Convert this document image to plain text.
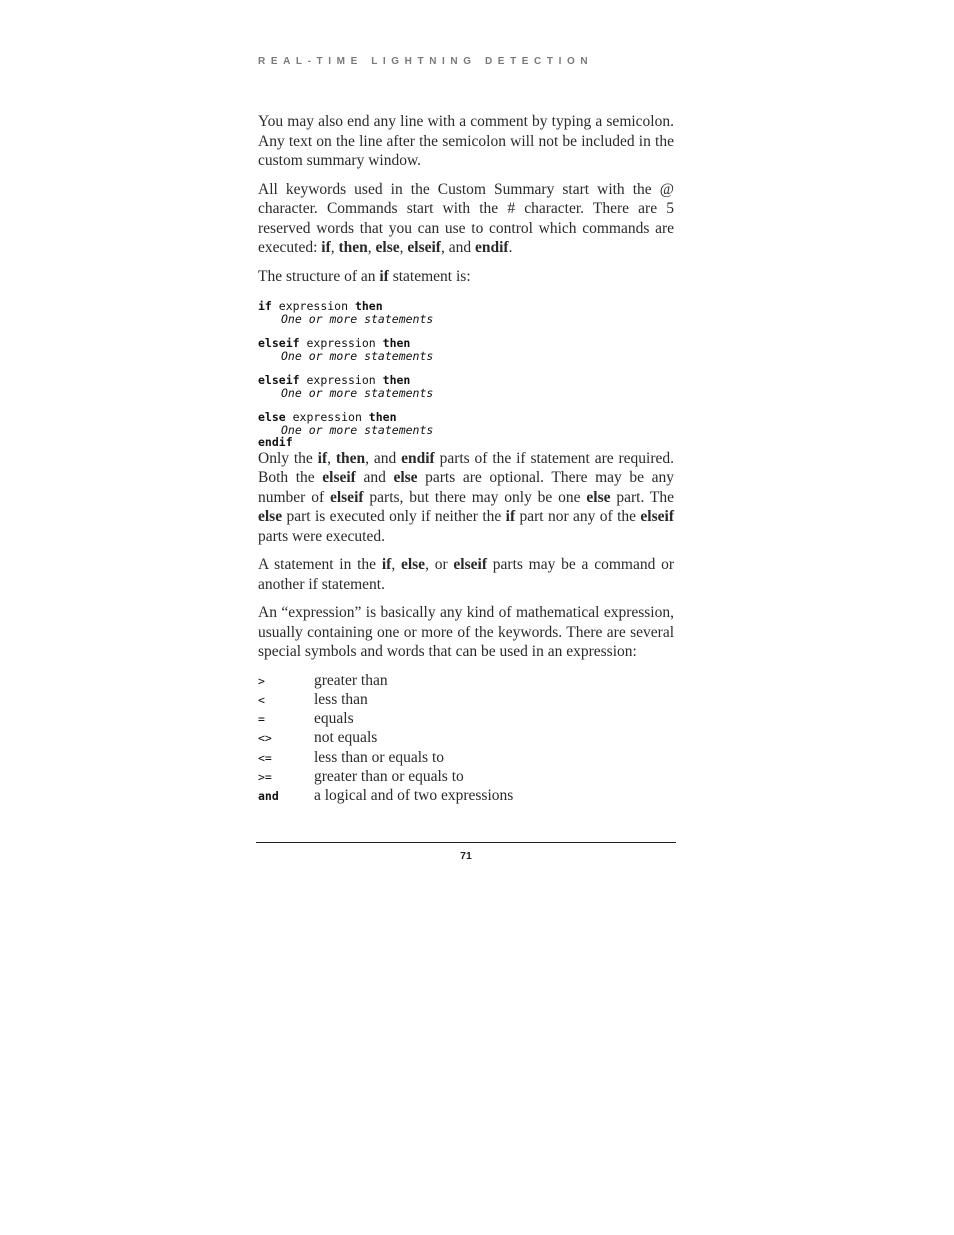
REAL-TIME LIGHTNING DETECTION

You may also end any line with a comment by typing a semicolon. Any text on the line after the semicolon will not be included in the custom summary window.

All keywords used in the Custom Summary start with the @ character. Commands start with the # character. There are 5 reserved words that you can use to control which commands are executed: if, then, else, elseif, and endif.

The structure of an if statement is:

if expression then
One or more statements
elseif expression then
One or more statements
elseif expression then
One or more statements
else expression then
One or more statements
endif

Only the if, then, and endif parts of the if statement are required. Both the elseif and else parts are optional. There may be any number of elseif parts, but there may only be one else part. The else part is executed only if neither the if part nor any of the elseif parts were executed.

A statement in the if, else, or elseif parts may be a command or another if statement.

An “expression” is basically any kind of mathematical expression, usually containing one or more of the keywords. There are several special symbols and words that can be used in an expression:

>	greater than
<	less than
=	equals
<>	not equals
<=	less than or equals to
>=	greater than or equals to
and	a logical and of two expressions
71
